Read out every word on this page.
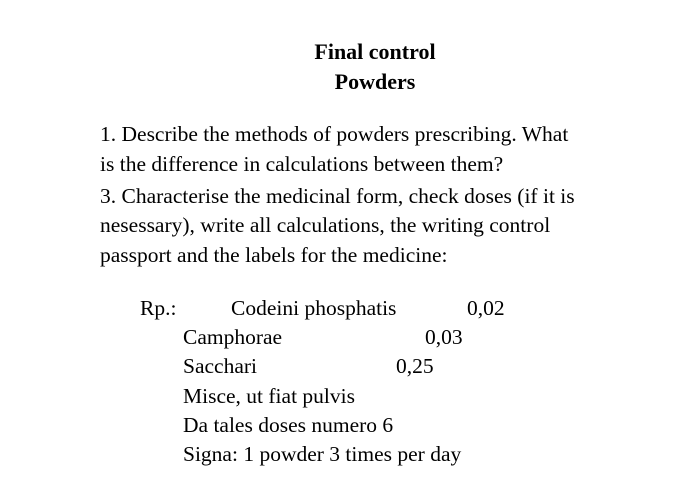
Final control
Powders
1. Describe the methods of powders prescribing. What
is the difference in calculations between them?
3. Characterise the medicinal form, check doses (if it is
nesessary), write all calculations, the writing control
passport and the labels for the medicine:
Rp.:	Codeini phosphatis	0,02
Camphorae	0,03
Sacchari	0,25
Misce, ut fiat pulvis
Da tales doses numero 6
Signa: 1 powder 3 times per day
